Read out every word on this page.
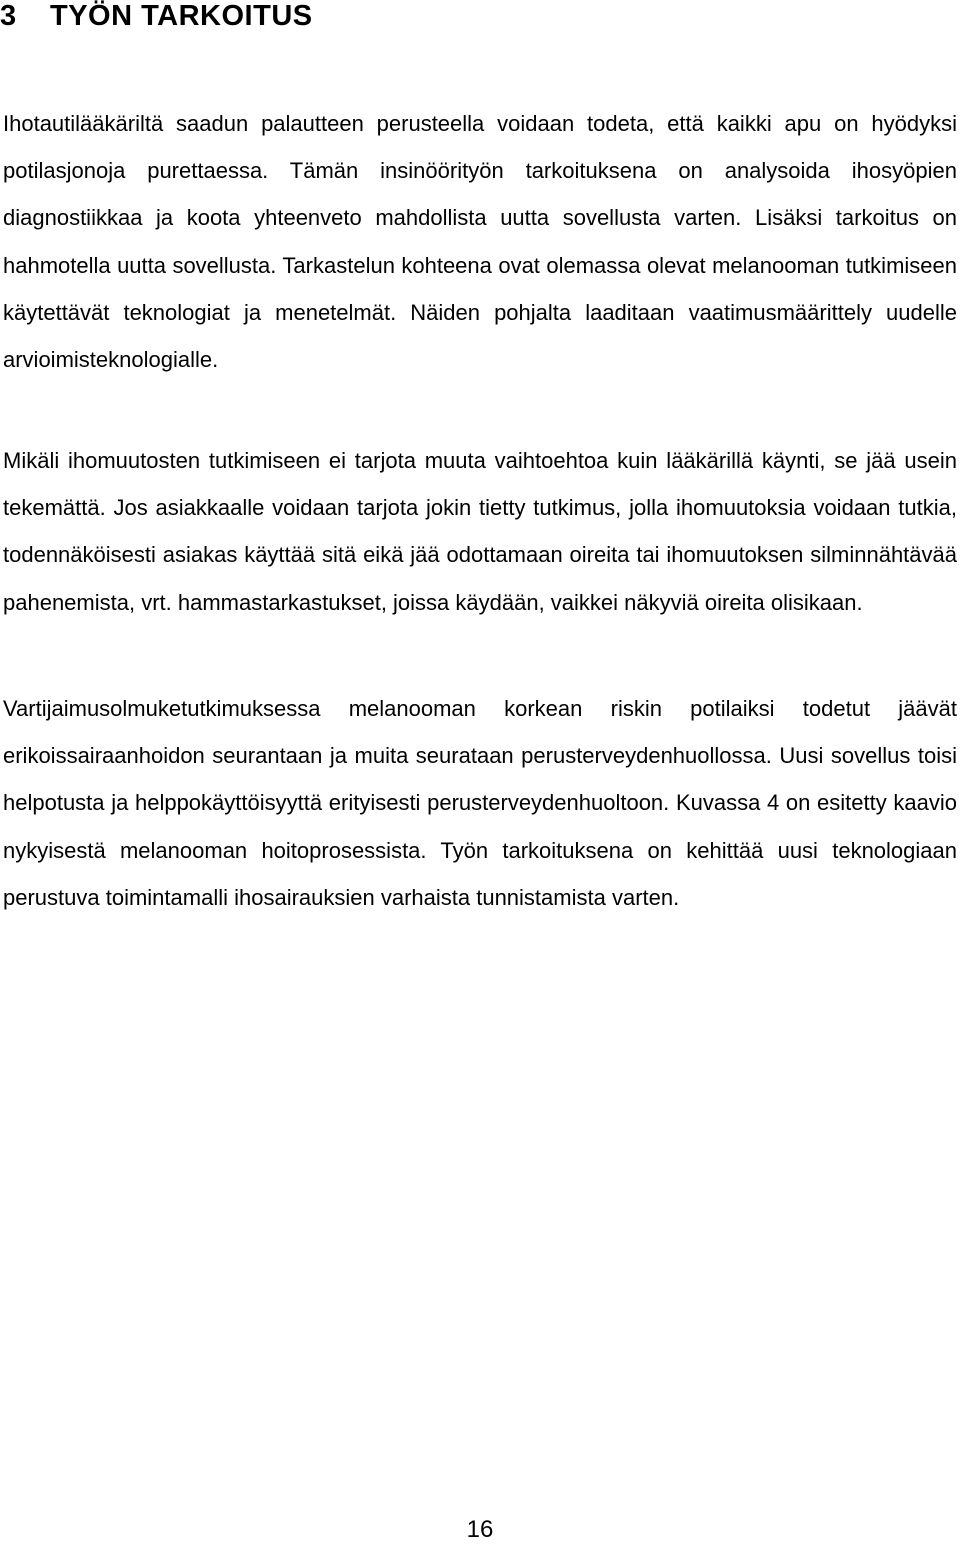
3 TYÖN TARKOITUS

Ihotautilääkäriltä saadun palautteen perusteella voidaan todeta, että kaikki apu on hyödyksi potilasjonoja purettaessa. Tämän insinöörityön tarkoituksena on analysoida ihosyöpien diagnostiikkaa ja koota yhteenveto mahdollista uutta sovellusta varten. Lisäksi tarkoitus on hahmotella uutta sovellusta. Tarkastelun kohteena ovat olemassa olevat melanooman tutkimiseen käytettävät teknologiat ja menetelmät. Näiden pohjalta laaditaan vaatimusmäärittely uudelle arvioimisteknologialle.

Mikäli ihomuutosten tutkimiseen ei tarjota muuta vaihtoehtoa kuin lääkärillä käynti, se jää usein tekemättä. Jos asiakkaalle voidaan tarjota jokin tietty tutkimus, jolla ihomuutoksia voidaan tutkia, todennäköisesti asiakas käyttää sitä eikä jää odottamaan oireita tai ihomuutoksen silminnähtävää pahenemista, vrt. hammastarkastukset, joissa käydään, vaikkei näkyviä oireita olisikaan.

Vartijaimusolmuketutkimuksessa melanooman korkean riskin potilaiksi todetut jäävät erikoissairaanhoidon seurantaan ja muita seurataan perusterveydenhuollossa. Uusi sovellus toisi helpotusta ja helppokäyttöisyyttä erityisesti perusterveydenhuoltoon. Kuvassa 4 on esitetty kaavio nykyisestä melanooman hoitoprosessista. Työn tarkoituksena on kehittää uusi teknologiaan perustuva toimintamalli ihosairauksien varhaista tunnistamista varten.

16
